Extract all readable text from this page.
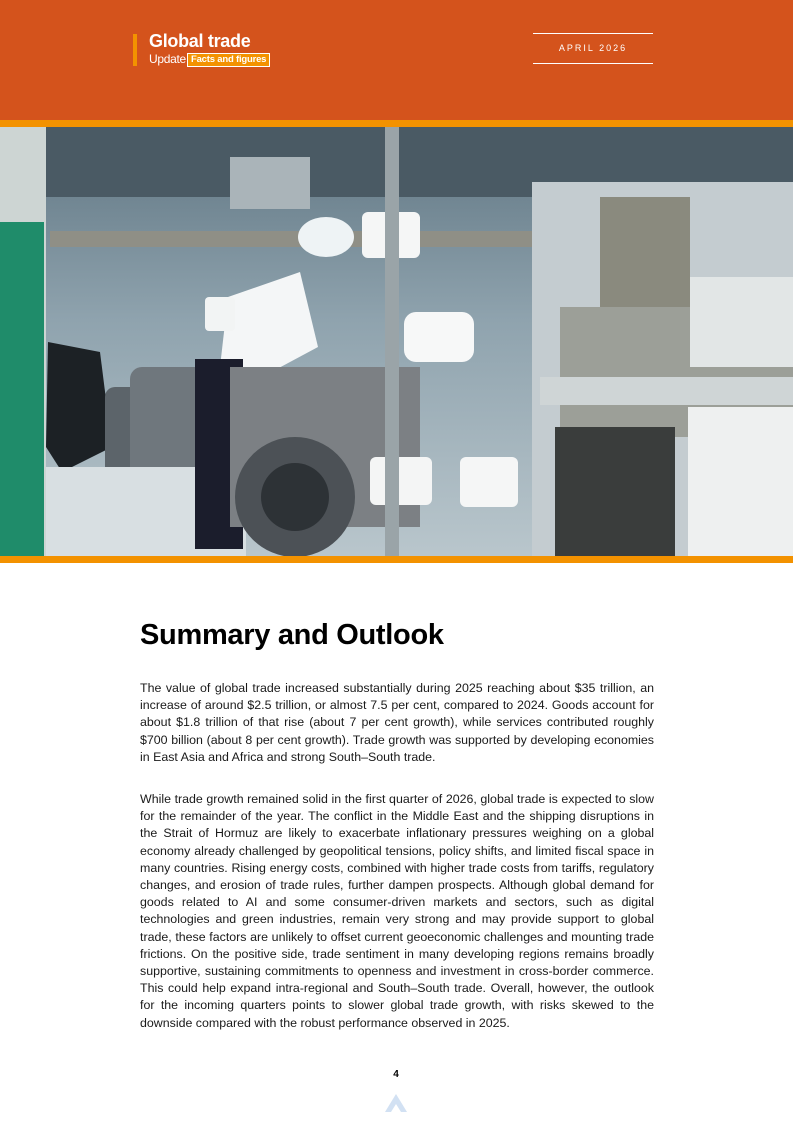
Global trade
Update Facts and figures
APRIL 2026
© Adobe Stock	Summary and Outlook

The value of global trade increased substantially during 2025 reaching about $35 trillion, an increase of around $2.5 trillion, or almost 7.5 per cent, compared to 2024. Goods account for about $1.8 trillion of that rise (about 7 per cent growth), while services contributed roughly $700 billion (about 8 per cent growth). Trade growth was supported by developing economies in East Asia and Africa and strong South–South trade.

While trade growth remained solid in the first quarter of 2026, global trade is expected to slow for the remainder of the year. The conflict in the Middle East and the shipping disruptions in the Strait of Hormuz are likely to exacerbate inflationary pressures weighing on a global economy already challenged by geopolitical tensions, policy shifts, and limited fiscal space in many countries. Rising energy costs, combined with higher trade costs from tariffs, regulatory changes, and erosion of trade rules, further dampen prospects. Although global demand for goods related to AI and some consumer-driven markets and sectors, such as digital technologies and green industries, remain very strong and may provide support to global trade, these factors are unlikely to offset current geoeconomic challenges and mounting trade frictions. On the positive side, trade sentiment in many developing regions remains broadly supportive, sustaining commitments to openness and investment in cross-border commerce. This could help expand intra-regional and South–South trade. Overall, however, the outlook for the incoming quarters points to slower global trade growth, with risks skewed to the downside compared with the robust performance observed in 2025.

4
